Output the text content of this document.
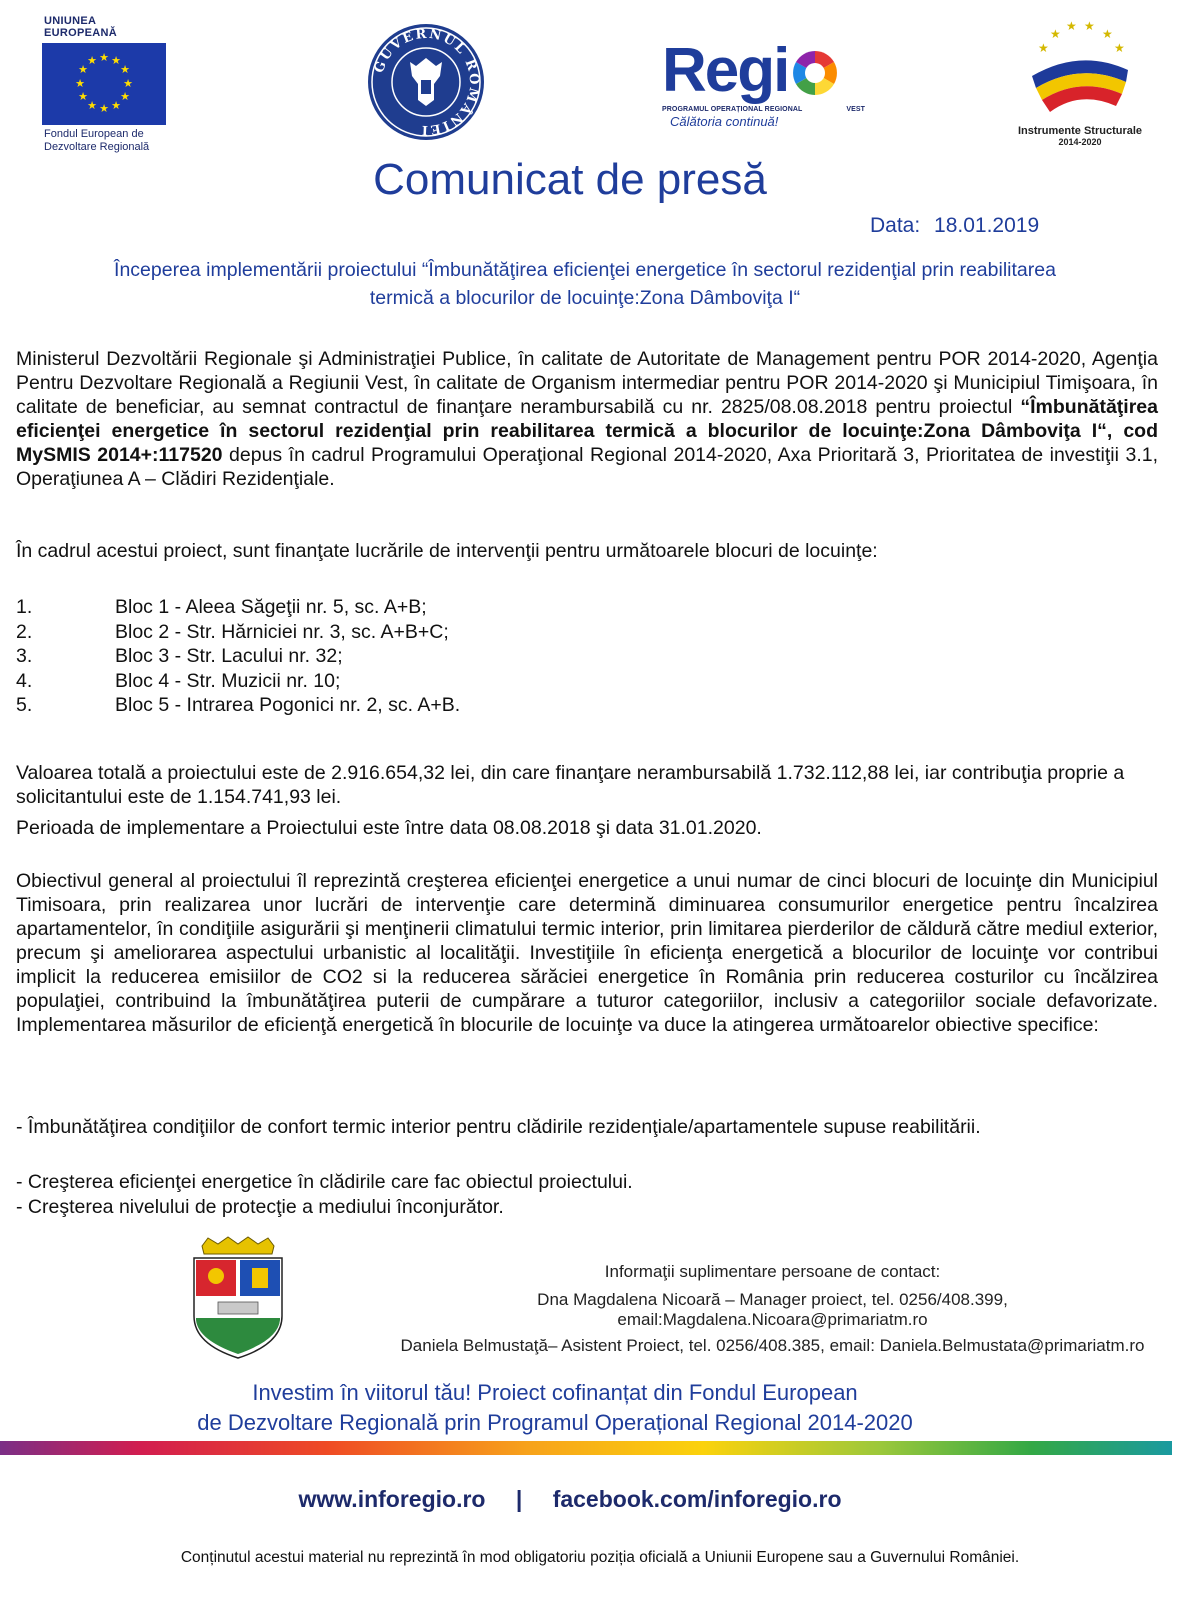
UNIUNEA EUROPEANĂ
★ ★
★
★
★
★
★
★
★
★
★
★
Fondul European de
Dezvoltare Regională
GUVERNUL ROMÂNIEI
Regi
PROGRAMUL OPERAȚIONAL REGIONAL	VEST
Călătoria continuă!
★
★
★ ★
★
★
Instrumente Structurale
2014-2020
Comunicat de presă
Data: 18.01.2019
Începerea implementării proiectului “Îmbunătăţirea eficienţei energetice în sectorul rezidenţial prin reabilitarea
termică a blocurilor de locuinţe:Zona Dâmboviţa I“
Ministerul Dezvoltării Regionale şi Administraţiei Publice, în calitate de Autoritate de Management pentru POR 2014-2020, Agenţia Pentru Dezvoltare Regională a Regiunii Vest, în calitate de Organism intermediar pentru POR 2014-2020 şi Municipiul Timişoara, în calitate de beneficiar, au semnat contractul de finanţare nerambursabilă cu nr. 2825/08.08.2018 pentru proiectul “Îmbunătăţirea eficienţei energetice în sectorul rezidenţial prin reabilitarea termică a blocurilor de locuinţe:Zona Dâmboviţa I“, cod MySMIS 2014+:117520 depus în cadrul Programului Operaţional Regional 2014-2020, Axa Prioritară 3, Prioritatea de investiţii 3.1, Operaţiunea A – Clădiri Rezidenţiale.
În cadrul acestui proiect, sunt finanţate lucrările de intervenţii pentru următoarele blocuri de locuinţe:
1.	Bloc 1 - Aleea Săgeţii nr. 5, sc. A+B;
2.	Bloc 2 - Str. Hărniciei nr. 3, sc. A+B+C;
3.	Bloc 3 - Str. Lacului nr. 32;
4.	Bloc 4 - Str. Muzicii nr. 10;
5.	Bloc 5 - Intrarea Pogonici nr. 2, sc. A+B.
Valoarea totală a proiectului este de 2.916.654,32 lei, din care finanţare nerambursabilă 1.732.112,88 lei, iar contribuţia proprie a solicitantului este de 1.154.741,93 lei.
Perioada de implementare a Proiectului este între data 08.08.2018 şi data 31.01.2020.
Obiectivul general al proiectului îl reprezintă creşterea eficienţei energetice a unui numar de cinci blocuri de locuinţe din Municipiul Timisoara, prin realizarea unor lucrări de intervenţie care determină diminuarea consumurilor energetice pentru încalzirea apartamentelor, în condiţiile asigurării şi menţinerii climatului termic interior, prin limitarea pierderilor de căldură către mediul exterior, precum şi ameliorarea aspectului urbanistic al localităţii. Investiţiile în eficienţa energetică a blocurilor de locuinţe vor contribui implicit la reducerea emisiilor de CO2 si la reducerea sărăciei energetice în România prin reducerea costurilor cu încălzirea populaţiei, contribuind la îmbunătăţirea puterii de cumpărare a tuturor categoriilor, inclusiv a categoriilor sociale defavorizate. Implementarea măsurilor de eficienţă energetică în blocurile de locuinţe va duce la atingerea următoarelor obiective specifice:
- Îmbunătăţirea condiţiilor de confort termic interior pentru clădirile rezidenţiale/apartamentele supuse reabilitării.
- Creşterea eficienţei energetice în clădirile care fac obiectul proiectului.
- Creşterea nivelului de protecţie a mediului înconjurător.
Informaţii suplimentare persoane de contact:
Dna Magdalena Nicoară – Manager proiect, tel. 0256/408.399, email:Magdalena.Nicoara@primariatm.ro
Daniela Belmustaţă– Asistent Proiect, tel. 0256/408.385, email: Daniela.Belmustata@primariatm.ro
Investim în viitorul tău! Proiect cofinanțat din Fondul European
de Dezvoltare Regională prin Programul Operațional Regional 2014-2020
www.inforegio.ro | facebook.com/inforegio.ro
Conținutul acestui material nu reprezintă în mod obligatoriu poziția oficială a Uniunii Europene sau a Guvernului României.
